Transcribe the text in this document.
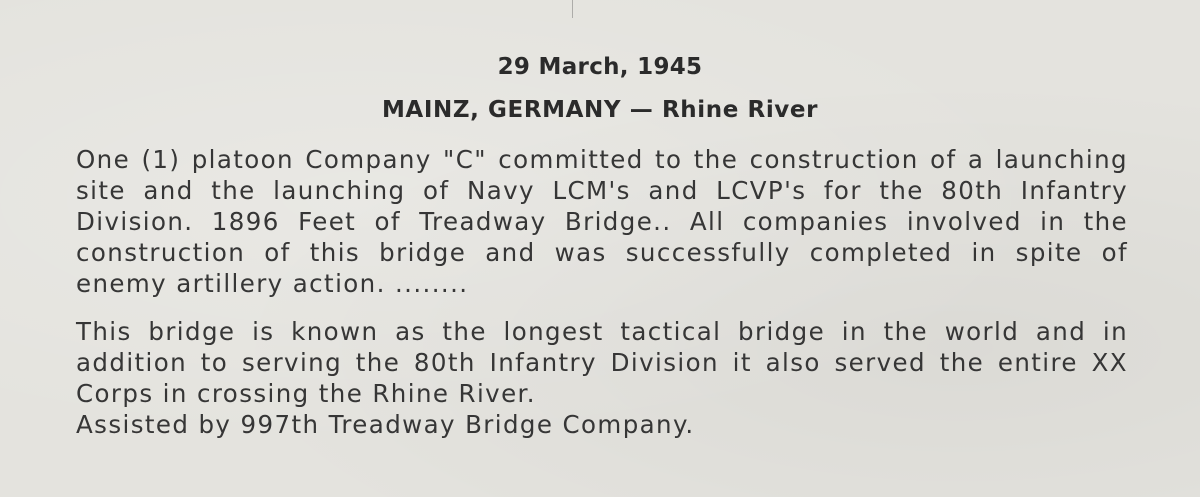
29 March, 1945
MAINZ, GERMANY — Rhine River

One (1) platoon Company "C" committed to the construction of a launching site and the launching of Navy LCM's and LCVP's for the 80th Infantry Division. 1896 Feet of Treadway Bridge.. All companies involved in the construction of this bridge and was successfully completed in spite of enemy artillery action. ........

This bridge is known as the longest tactical bridge in the world and in addition to serving the 80th Infantry Division it also served the entire XX Corps in crossing the Rhine River.

Assisted by 997th Treadway Bridge Company.
